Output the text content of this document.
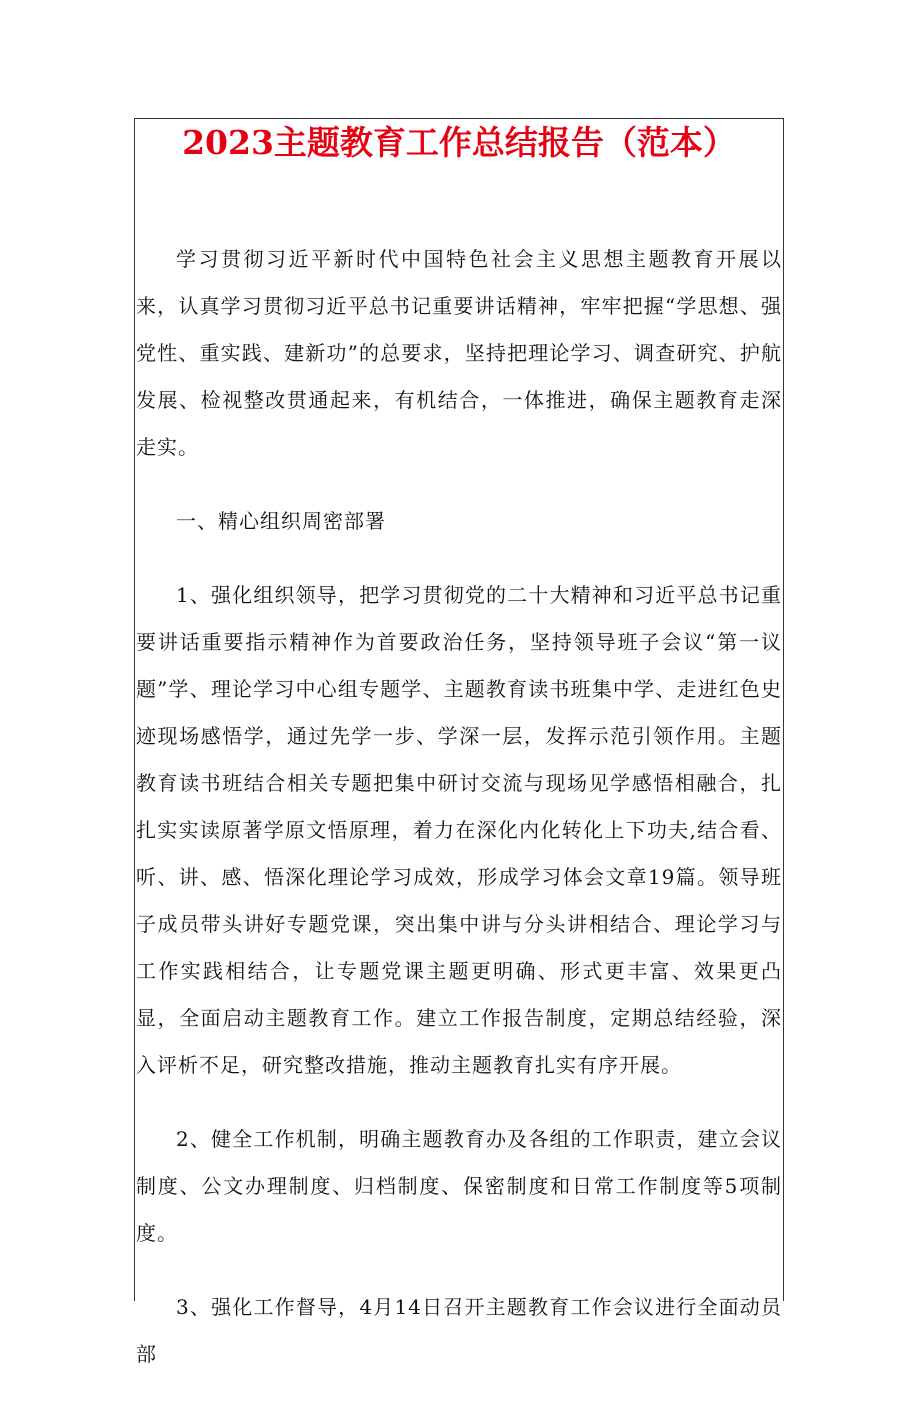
2023主题教育工作总结报告（范本）

学习贯彻习近平新时代中国特色社会主义思想主题教育开展以来，认真学习贯彻习近平总书记重要讲话精神，牢牢把握“学思想、强党性、重实践、建新功”的总要求，坚持把理论学习、调查研究、护航发展、检视整改贯通起来，有机结合，一体推进，确保主题教育走深走实。

一、精心组织周密部署

1、强化组织领导，把学习贯彻党的二十大精神和习近平总书记重要讲话重要指示精神作为首要政治任务，坚持领导班子会议“第一议题”学、理论学习中心组专题学、主题教育读书班集中学、走进红色史迹现场感悟学，通过先学一步、学深一层，发挥示范引领作用。主题教育读书班结合相关专题把集中研讨交流与现场见学感悟相融合，扎扎实实读原著学原文悟原理，着力在深化内化转化上下功夫,结合看、听、讲、感、悟深化理论学习成效，形成学习体会文章19篇。领导班子成员带头讲好专题党课，突出集中讲与分头讲相结合、理论学习与工作实践相结合，让专题党课主题更明确、形式更丰富、效果更凸显，全面启动主题教育工作。建立工作报告制度，定期总结经验，深入评析不足，研究整改措施，推动主题教育扎实有序开展。

2、健全工作机制，明确主题教育办及各组的工作职责，建立会议制度、公文办理制度、归档制度、保密制度和日常工作制度等5项制度。

3、强化工作督导，4月14日召开主题教育工作会议进行全面动员部
